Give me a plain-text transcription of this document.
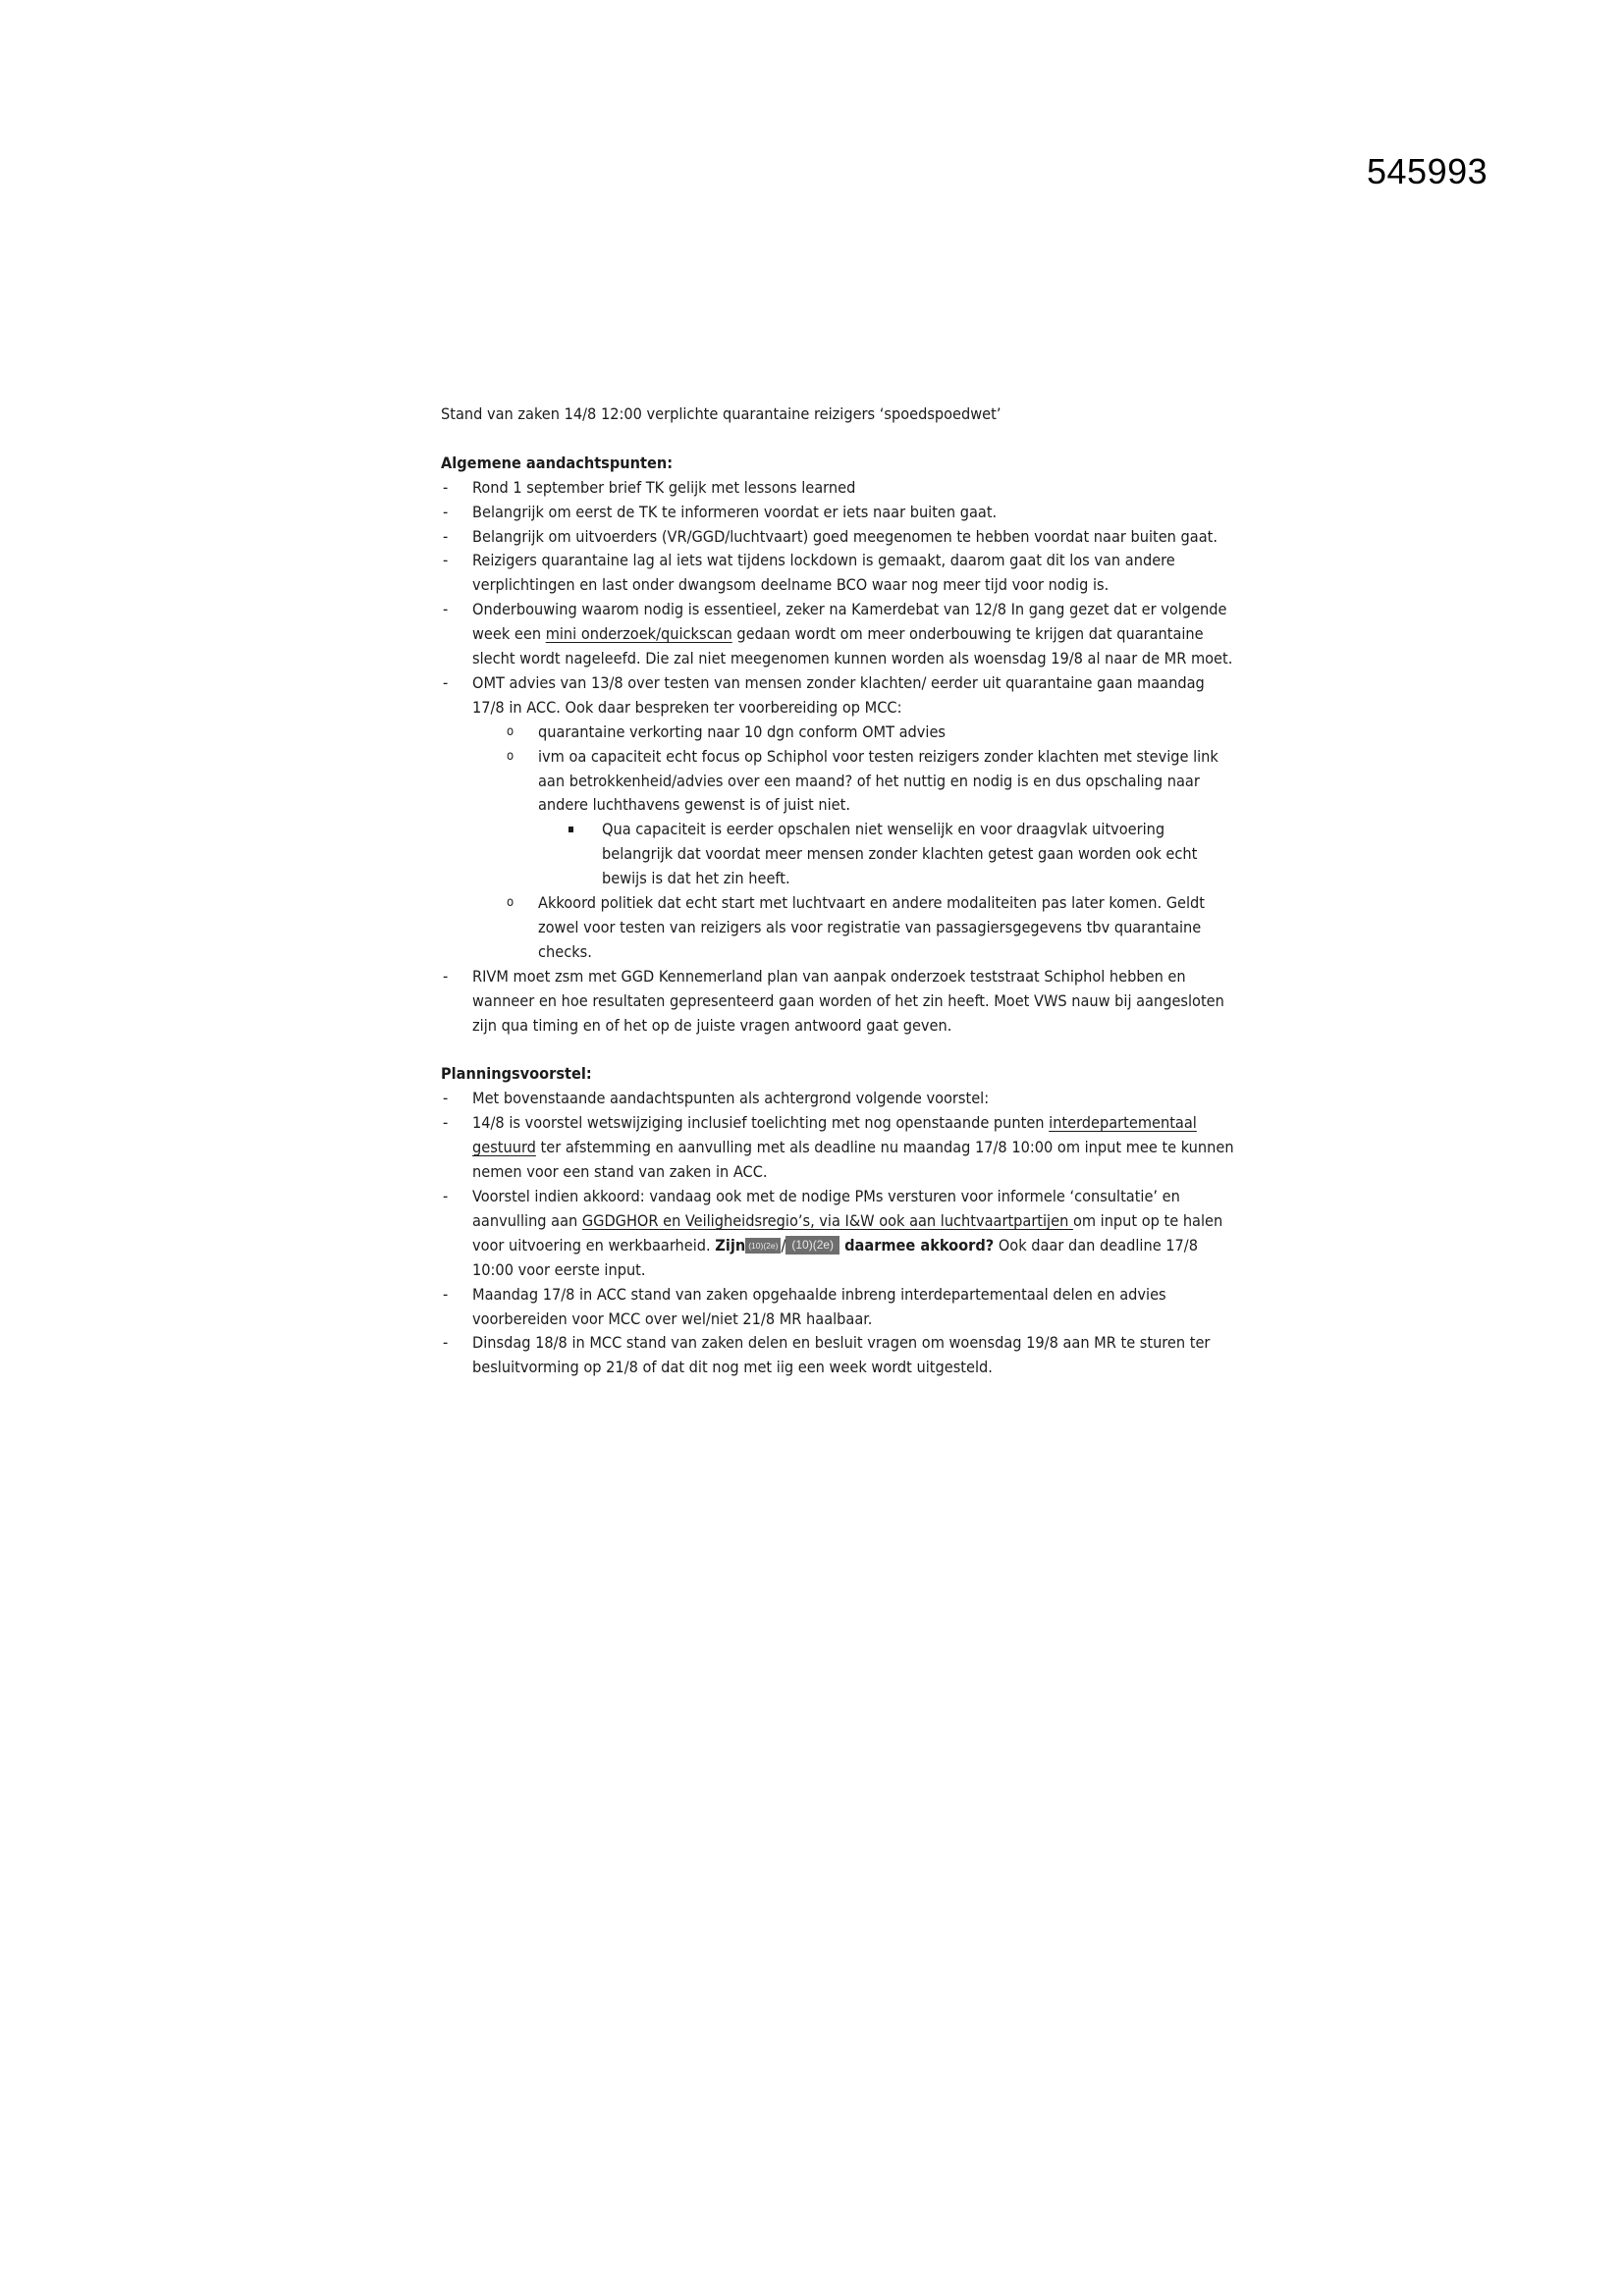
545993

Stand van zaken 14/8 12:00 verplichte quarantaine reizigers ‘spoedspoedwet’

Algemene aandachtspunten:

- Rond 1 september brief TK gelijk met lessons learned
- Belangrijk om eerst de TK te informeren voordat er iets naar buiten gaat.
- Belangrijk om uitvoerders (VR/GGD/luchtvaart) goed meegenomen te hebben voordat naar buiten gaat.
- Reizigers quarantaine lag al iets wat tijdens lockdown is gemaakt, daarom gaat dit los van andere verplichtingen en last onder dwangsom deelname BCO waar nog meer tijd voor nodig is.
- Onderbouwing waarom nodig is essentieel, zeker na Kamerdebat van 12/8 In gang gezet dat er volgende week een mini onderzoek/quickscan gedaan wordt om meer onderbouwing te krijgen dat quarantaine slecht wordt nageleefd. Die zal niet meegenomen kunnen worden als woensdag 19/8 al naar de MR moet.
- OMT advies van 13/8 over testen van mensen zonder klachten/ eerder uit quarantaine gaan maandag 17/8 in ACC. Ook daar bespreken ter voorbereiding op MCC:
o quarantaine verkorting naar 10 dgn conform OMT advies
o ivm oa capaciteit echt focus op Schiphol voor testen reizigers zonder klachten met stevige link aan betrokkenheid/advies over een maand? of het nuttig en nodig is en dus opschaling naar andere luchthavens gewenst is of juist niet.
Qua capaciteit is eerder opschalen niet wenselijk en voor draagvlak uitvoering belangrijk dat voordat meer mensen zonder klachten getest gaan worden ook echt bewijs is dat het zin heeft.
o Akkoord politiek dat echt start met luchtvaart en andere modaliteiten pas later komen. Geldt zowel voor testen van reizigers als voor registratie van passagiersgegevens tbv quarantaine checks.
- RIVM moet zsm met GGD Kennemerland plan van aanpak onderzoek teststraat Schiphol hebben en wanneer en hoe resultaten gepresenteerd gaan worden of het zin heeft. Moet VWS nauw bij aangesloten zijn qua timing en of het op de juiste vragen antwoord gaat geven.

Planningsvoorstel:

- Met bovenstaande aandachtspunten als achtergrond volgende voorstel:
- 14/8 is voorstel wetswijziging inclusief toelichting met nog openstaande punten interdepartementaal gestuurd ter afstemming en aanvulling met als deadline nu maandag 17/8 10:00 om input mee te kunnen nemen voor een stand van zaken in ACC.
- Voorstel indien akkoord: vandaag ook met de nodige PMs versturen voor informele ‘consultatie’ en aanvulling aan GGDGHOR en Veiligheidsregio’s, via I&W ook aan luchtvaartpartijen om input op te halen voor uitvoering en werkbaarheid. Zijn (10)(2e) / (10)(2e) daarmee akkoord? Ook daar dan deadline 17/8 10:00 voor eerste input.
- Maandag 17/8 in ACC stand van zaken opgehaalde inbreng interdepartementaal delen en advies voorbereiden voor MCC over wel/niet 21/8 MR haalbaar.
- Dinsdag 18/8 in MCC stand van zaken delen en besluit vragen om woensdag 19/8 aan MR te sturen ter besluitvorming op 21/8 of dat dit nog met iig een week wordt uitgesteld.
